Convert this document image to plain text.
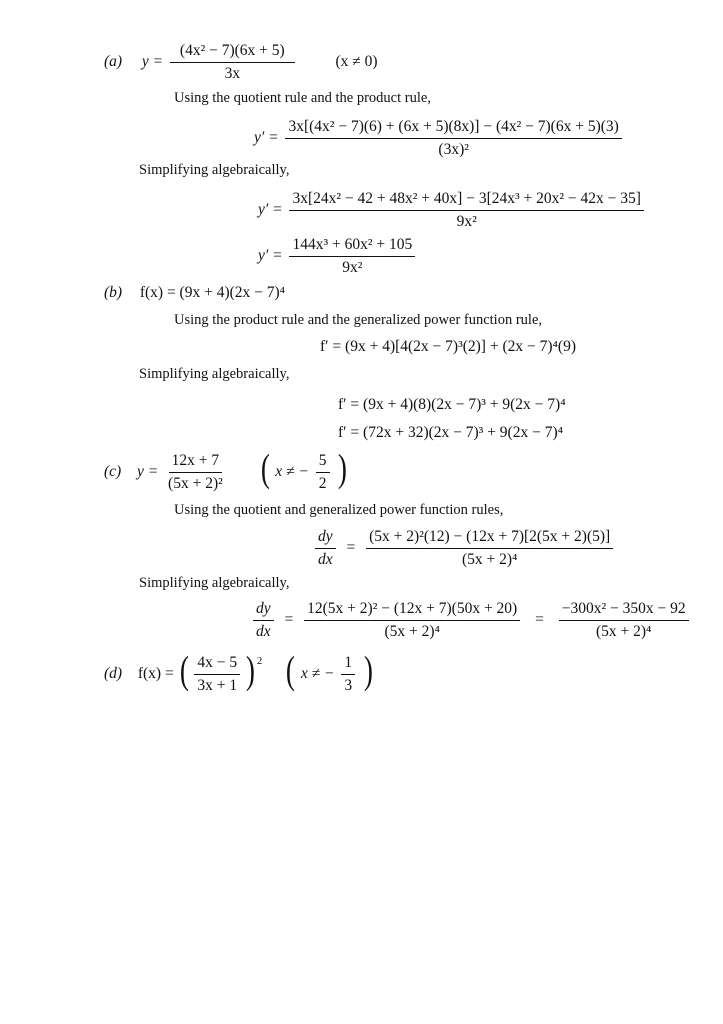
(a) $y = \frac{\text{(4x² − 7)(6x + 5)}}{3x}$	(x ≠ 0)
Using the quotient rule and the product rule,
$y' = \frac{\text{3x[(4x² − 7)(6) + (6x + 5)(8x)] − (4x² − 7)(6x + 5)(3)}}{\text{(3x)²}}$
Simplifying algebraically,
$y' = \frac{\text{3x[24x² − 42 + 48x² + 40x] − 3[24x³ + 20x² − 42x − 35]}}{\text{9x²}}$
$y' = \frac{\text{144x³ + 60x² + 105}}{\text{9x²}}$
(b) f(x) = (9x + 4)(2x − 7)⁴
Using the product rule and the generalized power function rule,
f′ = (9x + 4)[4(2x − 7)³(2)] + (2x − 7)⁴(9)
Simplifying algebraically,
f′ = (9x + 4)(8)(2x − 7)³ + 9(2x − 7)⁴
f′ = (72x + 32)(2x − 7)³ + 9(2x − 7)⁴
(c) $y = \frac{12x + 7}{\text{(5x + 2)²}}$ ( x ≠ − $\frac{5}{2}$ )
Using the quotient and generalized power function rules,
$\frac{dy}{dx} = \frac{\text{(5x + 2)²(12) − (12x + 7)[2(5x + 2)(5)]}}{\text{(5x + 2)⁴}}$
Simplifying algebraically,
$\frac{dy}{dx} = \frac{\text{12(5x + 2)² − (12x + 7)(50x + 20)}}{\text{(5x + 2)⁴}} = \frac{\text{−300x² − 350x − 92}}{\text{(5x + 2)⁴}}$
(d) f(x) = ( $\frac{4x - 5}{3x + 1}$ ) $^2$ ( x ≠ − $\frac{1}{3}$ )
